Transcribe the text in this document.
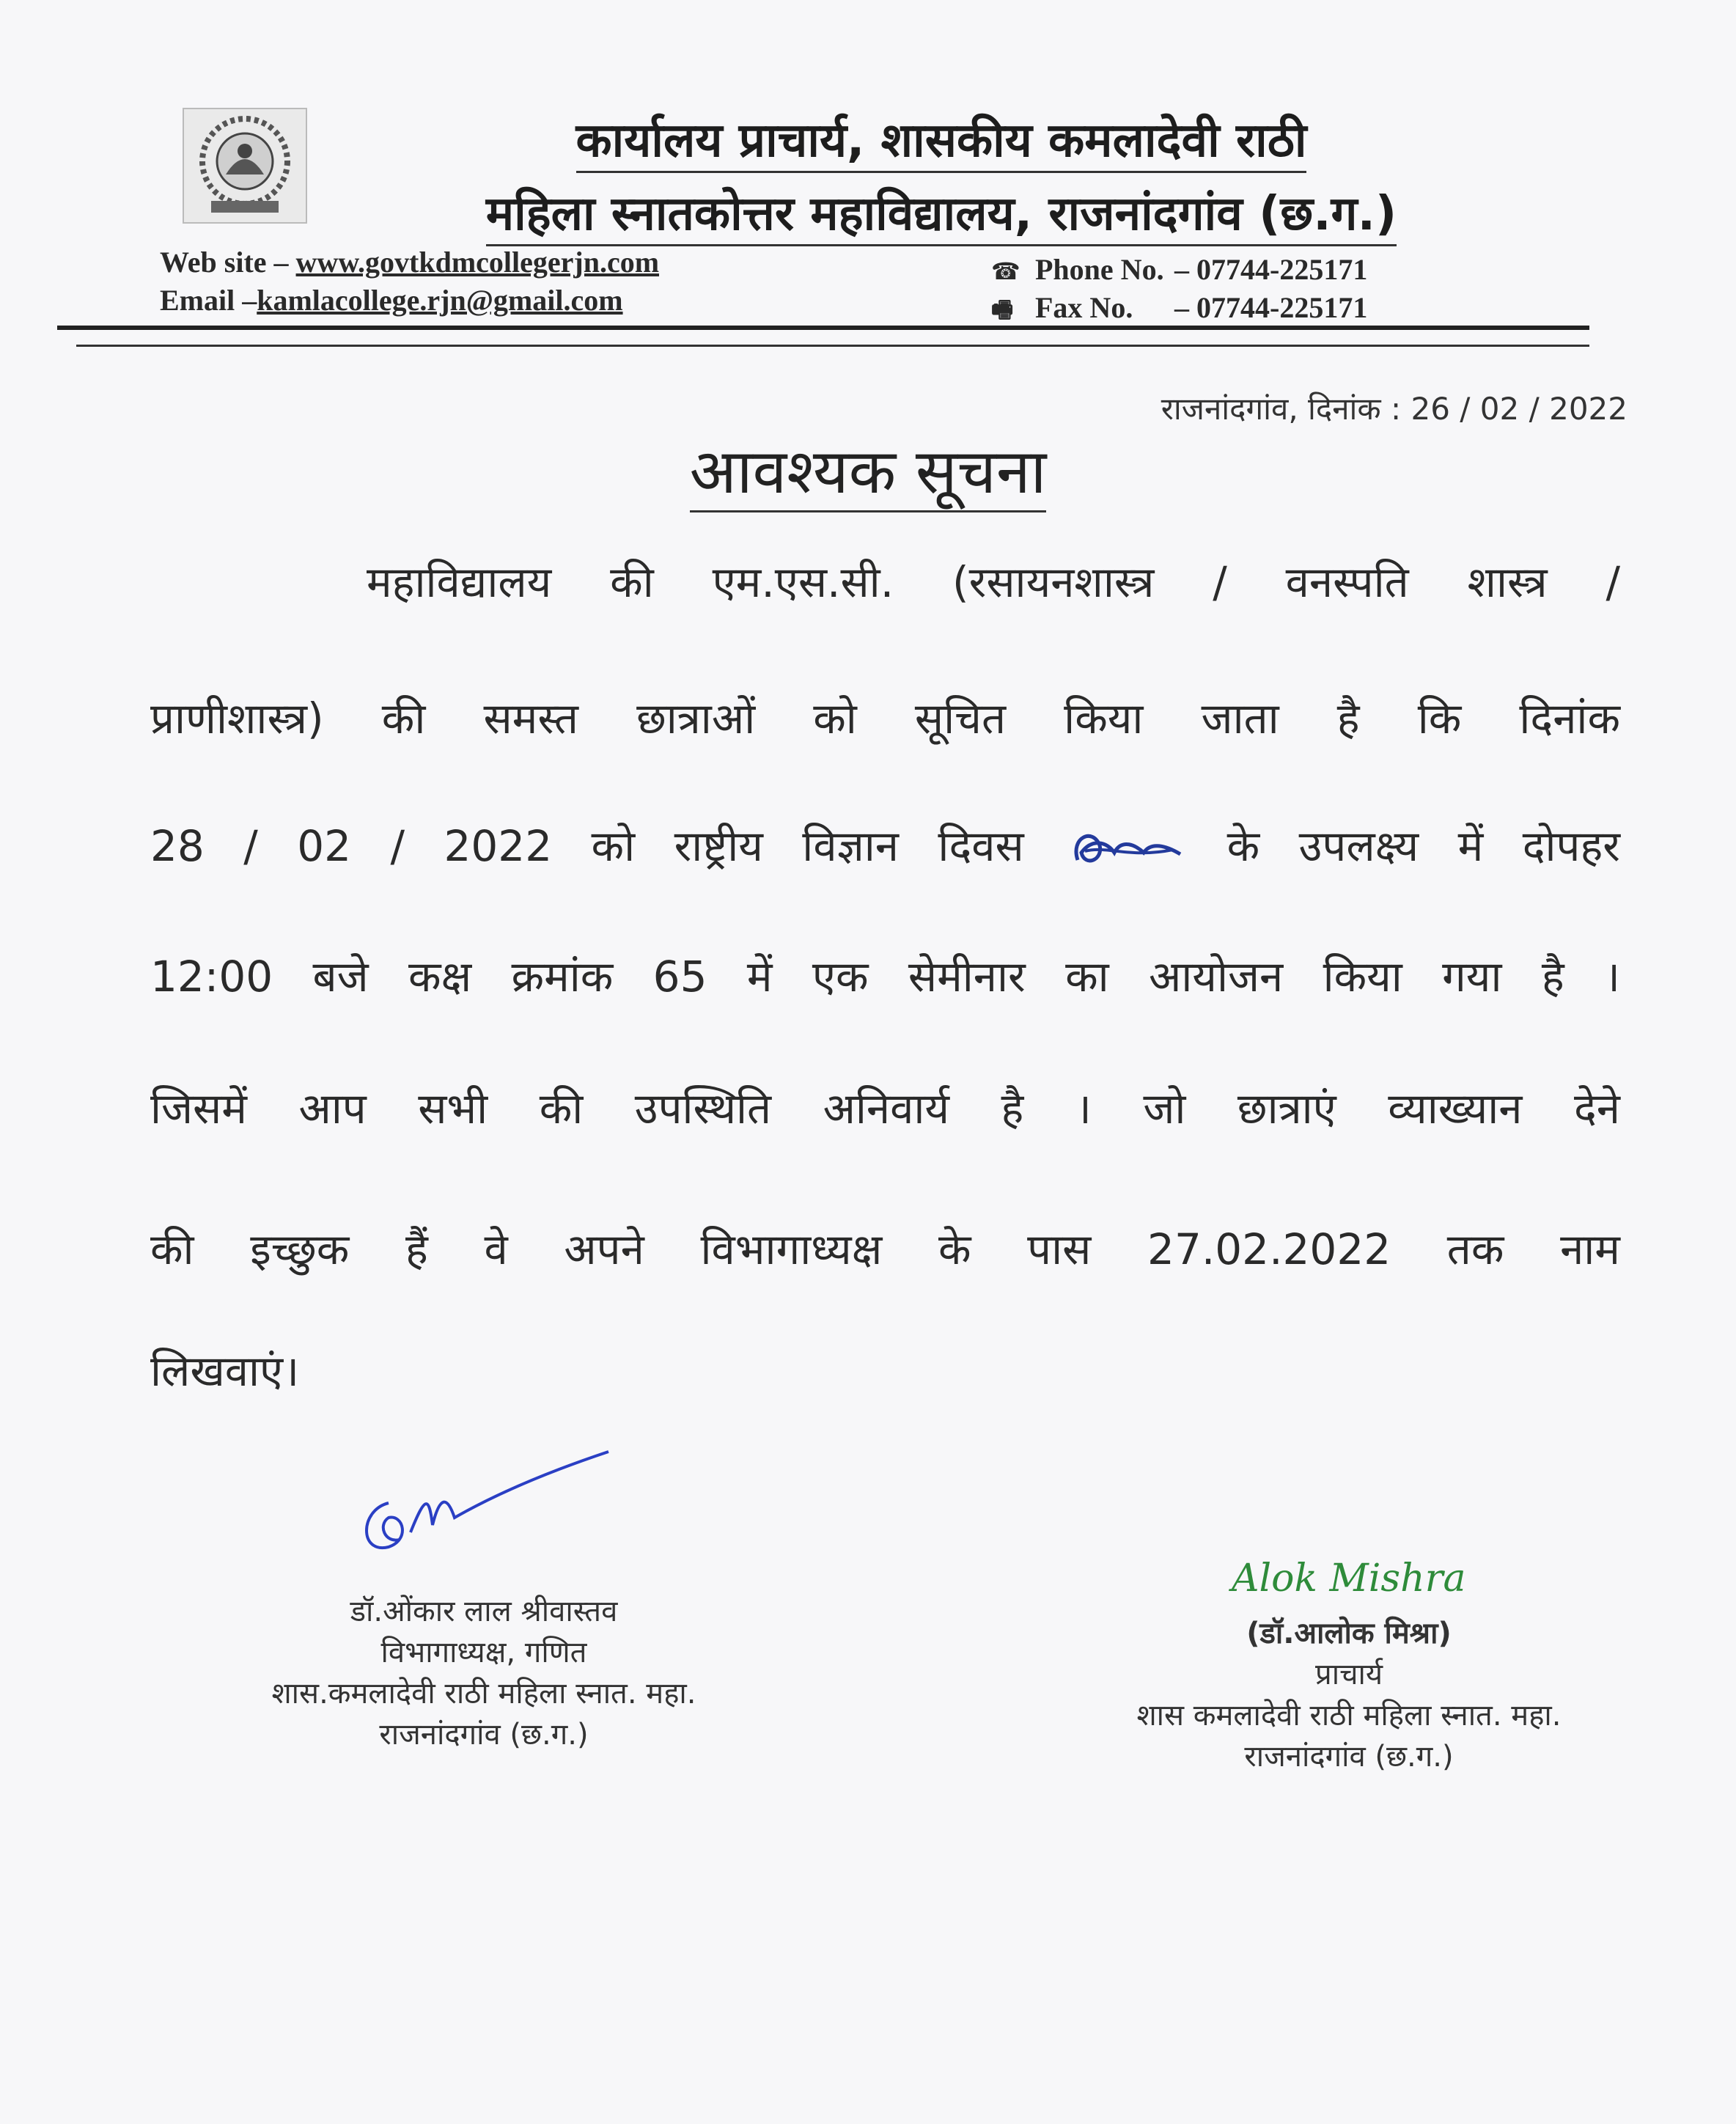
कार्यालय प्राचार्य, शासकीय कमलादेवी राठी
महिला स्नातकोत्तर महाविद्यालय, राजनांदगांव (छ.ग.)
Web site – www.govtkdmcollegerjn.com
Email –kamlacollege.rjn@gmail.com
☎ Phone No. – 07744-225171
🖷 Fax No. – 07744-225171
राजनांदगांव, दिनांक : 26 / 02 / 2022
आवश्यक सूचना
महाविद्यालय की एम.एस.सी. (रसायनशास्त्र / वनस्पति शास्त्र /
प्राणीशास्त्र) की समस्त छात्राओं को सूचित किया जाता है कि दिनांक
28 / 02 / 2022 को राष्ट्रीय विज्ञान दिवस	के उपलक्ष्य में दोपहर
12:00 बजे कक्ष क्रमांक 65 में एक सेमीनार का आयोजन किया गया है ।
जिसमें आप सभी की उपस्थिति अनिवार्य है । जो छात्राएं व्याख्यान देने
की इच्छुक हैं वे अपने विभागाध्यक्ष के पास 27.02.2022 तक नाम
लिखवाएं।
डॉ.ओंकार लाल श्रीवास्तव
विभागाध्यक्ष, गणित
शास.कमलादेवी राठी महिला स्नात. महा.
राजनांदगांव (छ.ग.)
Alok Mishra
(डॉ.आलोक मिश्रा)
प्राचार्य
शास कमलादेवी राठी महिला स्नात. महा.
राजनांदगांव (छ.ग.)
